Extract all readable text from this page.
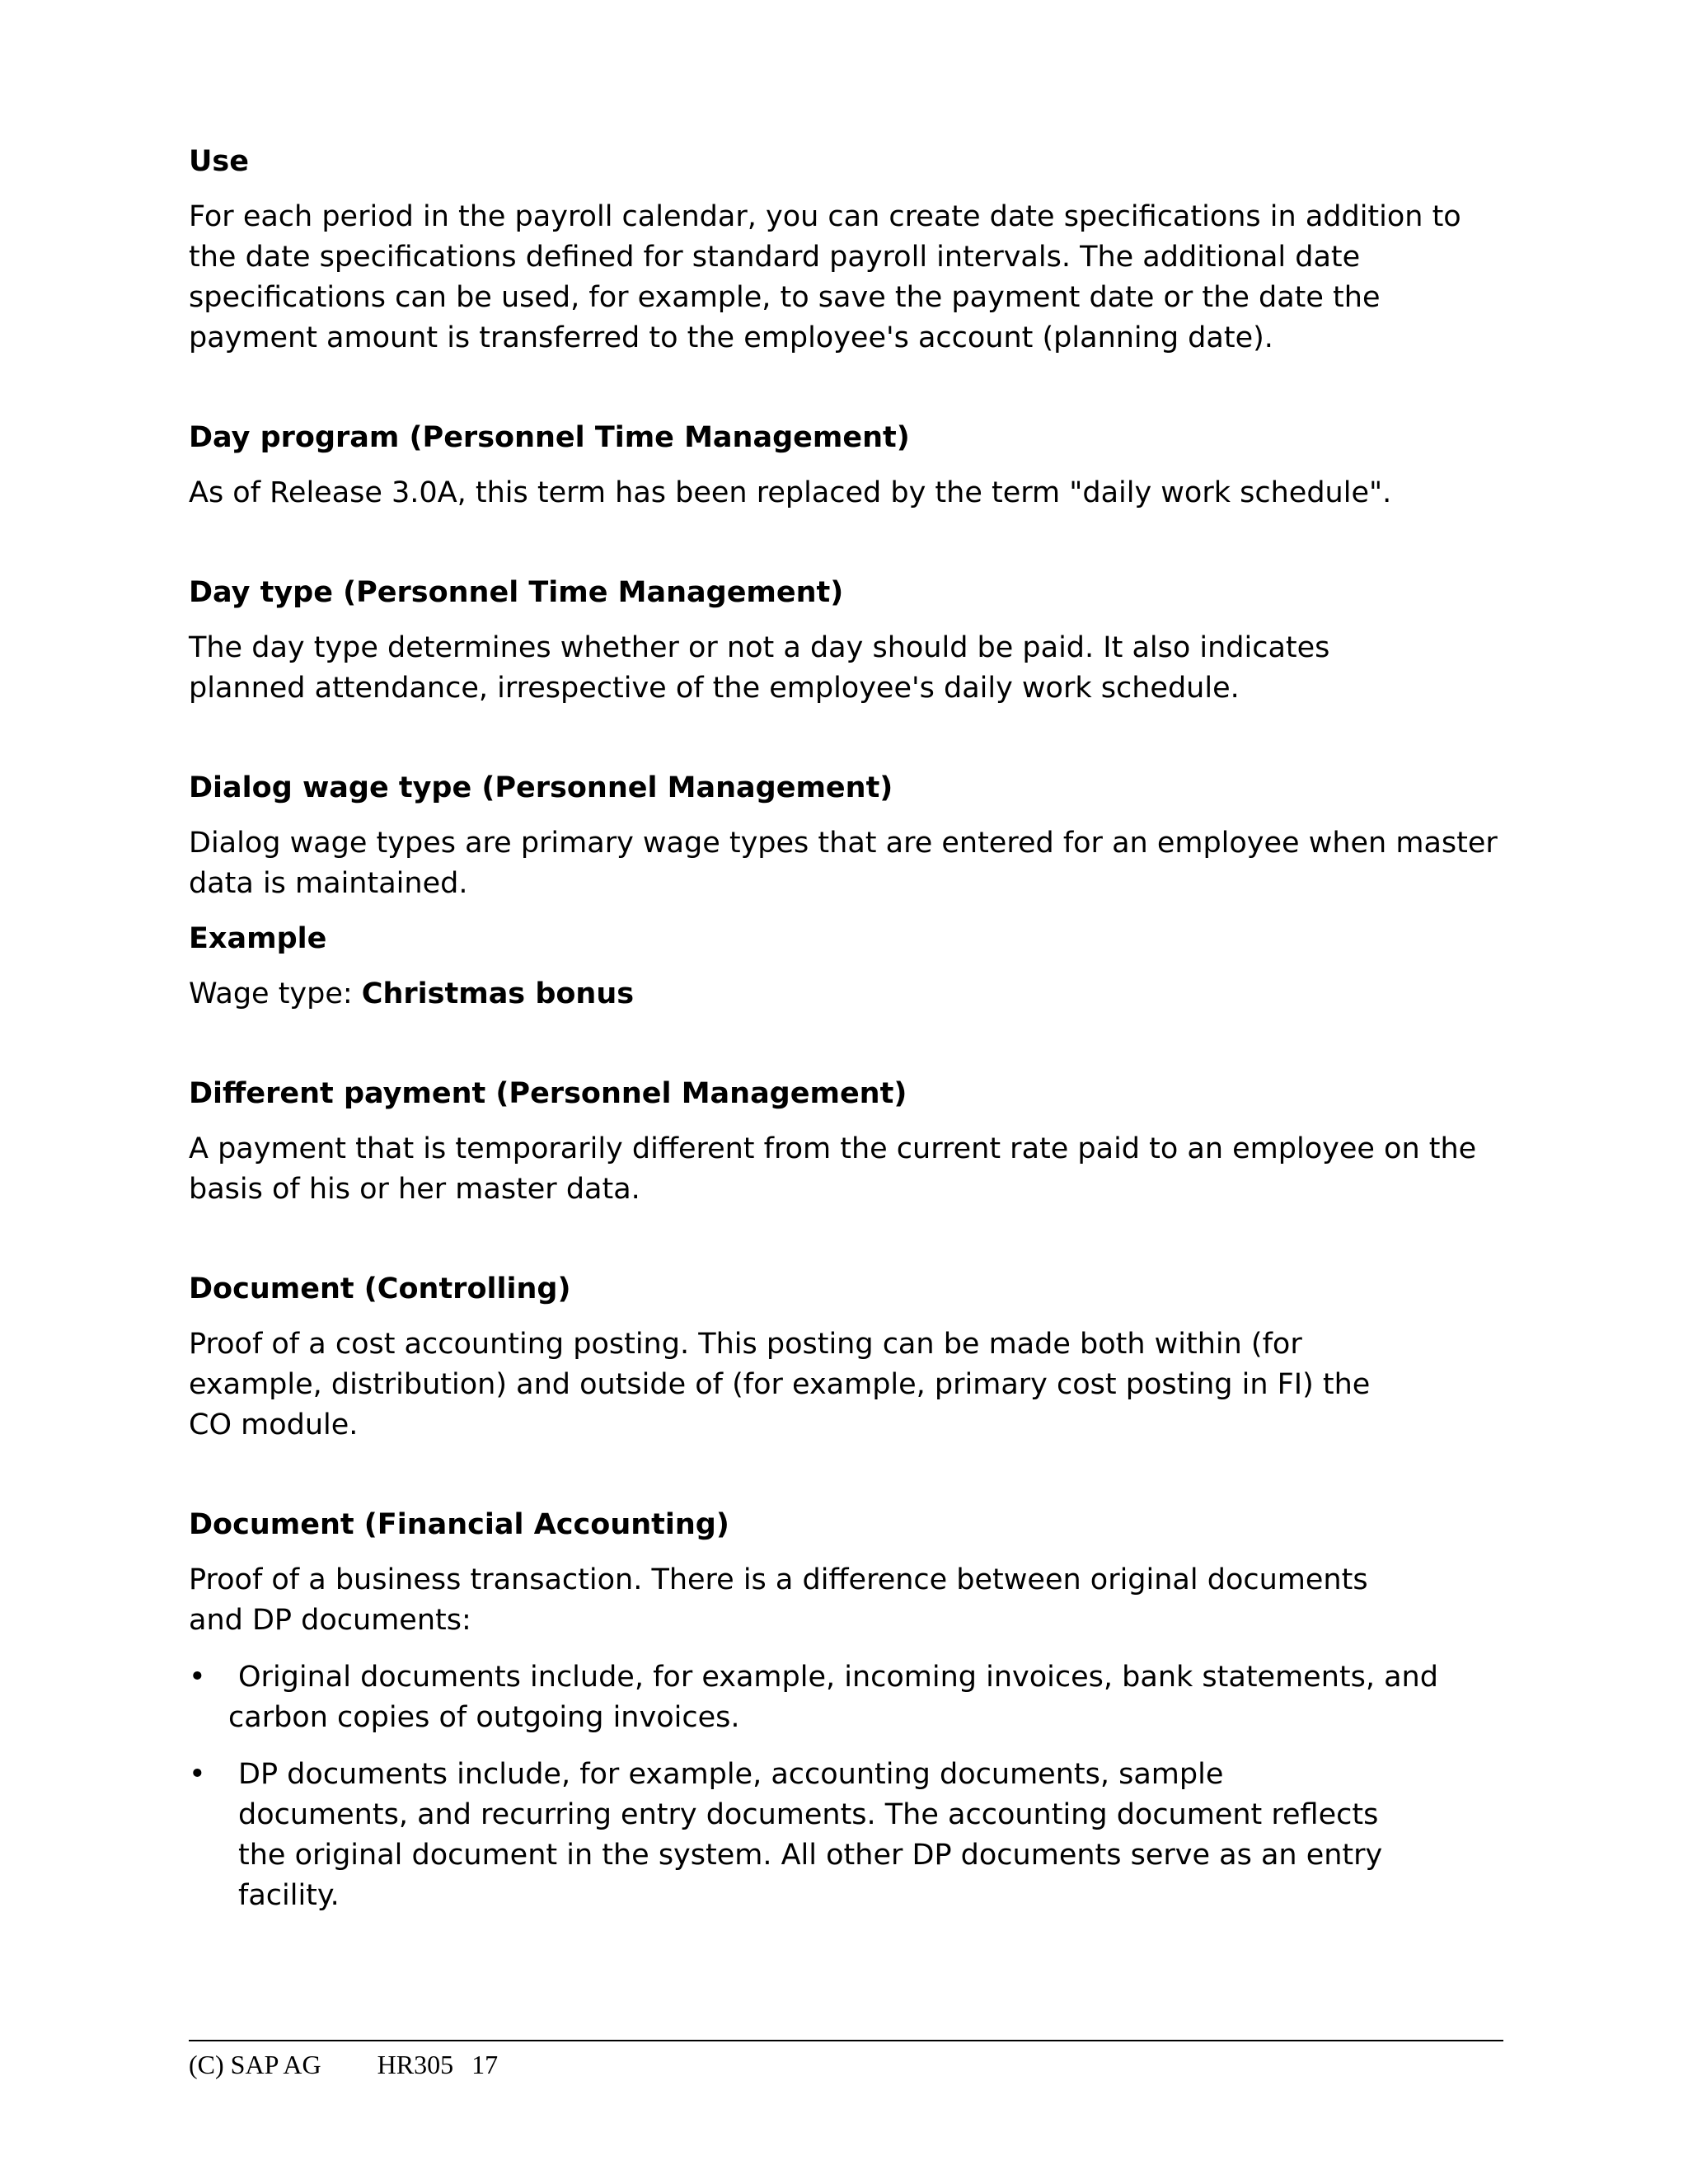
Use

For each period in the payroll calendar, you can create date specifications in addition to the date specifications defined for standard payroll intervals. The additional date specifications can be used, for example, to save the payment date or the date the payment amount is transferred to the employee's account (planning date).

Day program (Personnel Time Management)

As of Release 3.0A, this term has been replaced by the term "daily work schedule".

Day type (Personnel Time Management)

The day type determines whether or not a day should be paid. It also indicates planned attendance, irrespective of the employee's daily work schedule.

Dialog wage type (Personnel Management)

Dialog wage types are primary wage types that are entered for an employee when master data is maintained.

Example

Wage type: Christmas bonus

Different payment (Personnel Management)

A payment that is temporarily different from the current rate paid to an employee on the basis of his or her master data.

Document (Controlling)

Proof of a cost accounting posting. This posting can be made both within (for example, distribution) and outside of (for example, primary cost posting in FI) the CO module.

Document (Financial Accounting)

Proof of a business transaction. There is a difference between original documents and DP documents:

•	Original documents include, for example, incoming invoices, bank statements, and carbon copies of outgoing invoices.
•	DP documents include, for example, accounting documents, sample documents, and recurring entry documents. The accounting document reflects the original document in the system. All other DP documents serve as an entry facility.
(C) SAP AG HR305 17
